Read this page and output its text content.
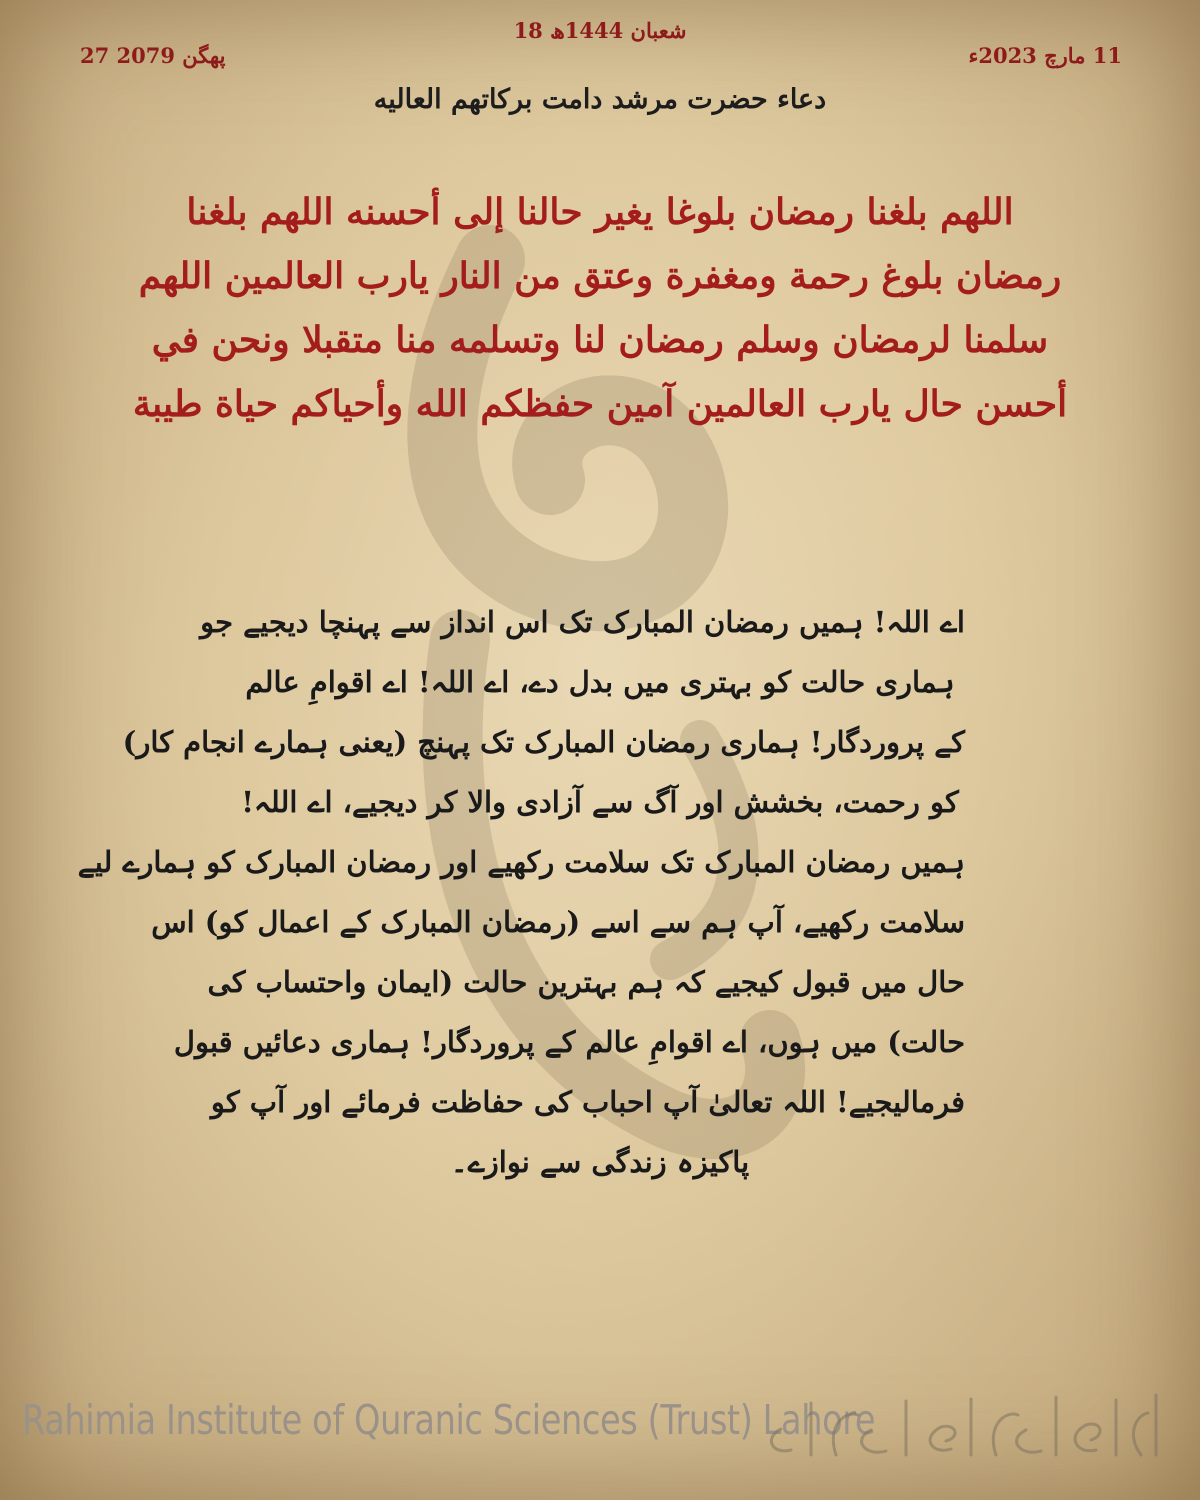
18 شعبان 1444ھ
27 پھگن 2079	11 مارچ 2023ء
دعاء حضرت مرشد دامت برکاتهم العالیه
اللهم بلغنا رمضان بلوغا يغير حالنا إلى أحسنه اللهم بلغنا
رمضان بلوغ رحمة ومغفرة وعتق من النار يارب العالمين اللهم
سلمنا لرمضان وسلم رمضان لنا وتسلمه منا متقبلا ونحن في
أحسن حال يارب العالمين آمين حفظكم الله وأحياكم حياة طيبة
اے اللہ! ہمیں رمضان المبارک تک اس انداز سے پہنچا دیجیے جو
ہماری حالت کو بہتری میں بدل دے، اے اللہ! اے اقوامِ عالم
کے پروردگار! ہماری رمضان المبارک تک پہنچ (یعنی ہمارے انجام کار)
کو رحمت، بخشش اور آگ سے آزادی والا کر دیجیے، اے اللہ!
ہمیں رمضان المبارک تک سلامت رکھیے اور رمضان المبارک کو ہمارے لیے
سلامت رکھیے، آپ ہم سے اسے (رمضان المبارک کے اعمال کو) اس
حال میں قبول کیجیے کہ ہم بہترین حالت (ایمان واحتساب کی
حالت) میں ہوں، اے اقوامِ عالم کے پروردگار! ہماری دعائیں قبول
فرمالیجیے! اللہ تعالیٰ آپ احباب کی حفاظت فرمائے اور آپ کو
پاکیزہ زندگی سے نوازے۔
Rahimia Institute of Quranic Sciences (Trust) Lahore
